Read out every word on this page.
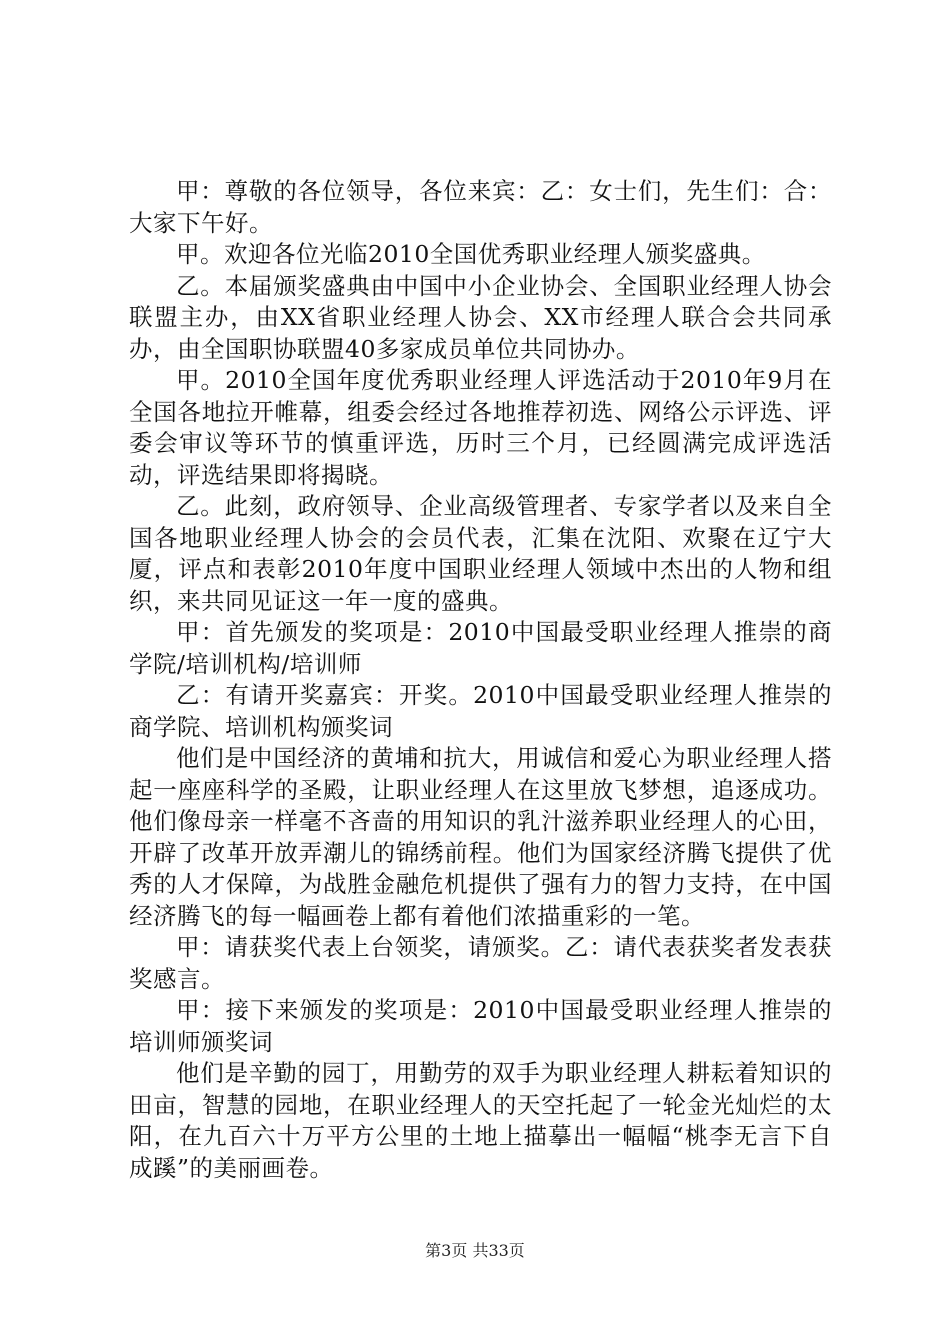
甲：尊敬的各位领导，各位来宾：乙：女士们，先生们：合：大家下午好。

甲。欢迎各位光临2010全国优秀职业经理人颁奖盛典。

乙。本届颁奖盛典由中国中小企业协会、全国职业经理人协会联盟主办，由XX省职业经理人协会、XX市经理人联合会共同承办，由全国职协联盟40多家成员单位共同协办。

甲。2010全国年度优秀职业经理人评选活动于2010年9月在全国各地拉开帷幕，组委会经过各地推荐初选、网络公示评选、评委会审议等环节的慎重评选，历时三个月，已经圆满完成评选活动，评选结果即将揭晓。

乙。此刻，政府领导、企业高级管理者、专家学者以及来自全国各地职业经理人协会的会员代表，汇集在沈阳、欢聚在辽宁大厦，评点和表彰2010年度中国职业经理人领域中杰出的人物和组织，来共同见证这一年一度的盛典。

甲：首先颁发的奖项是：2010中国最受职业经理人推崇的商学院/培训机构/培训师

乙：有请开奖嘉宾：开奖。2010中国最受职业经理人推崇的商学院、培训机构颁奖词

他们是中国经济的黄埔和抗大，用诚信和爱心为职业经理人搭起一座座科学的圣殿，让职业经理人在这里放飞梦想，追逐成功。他们像母亲一样毫不吝啬的用知识的乳汁滋养职业经理人的心田，开辟了改革开放弄潮儿的锦绣前程。他们为国家经济腾飞提供了优秀的人才保障，为战胜金融危机提供了强有力的智力支持，在中国经济腾飞的每一幅画卷上都有着他们浓描重彩的一笔。

甲：请获奖代表上台领奖，请颁奖。乙：请代表获奖者发表获奖感言。

甲：接下来颁发的奖项是：2010中国最受职业经理人推崇的培训师颁奖词

他们是辛勤的园丁，用勤劳的双手为职业经理人耕耘着知识的田亩，智慧的园地，在职业经理人的天空托起了一轮金光灿烂的太阳，在九百六十万平方公里的土地上描摹出一幅幅“桃李无言下自成蹊”的美丽画卷。

第3页 共33页
